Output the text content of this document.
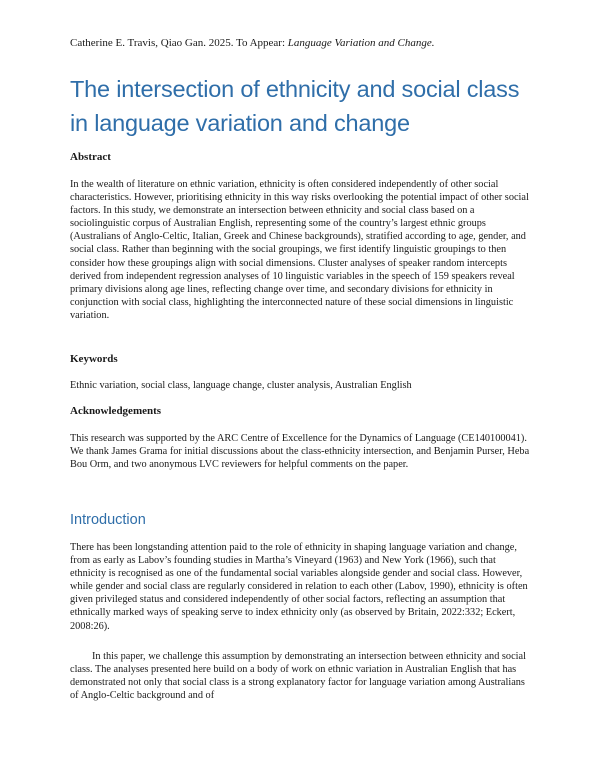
Catherine E. Travis, Qiao Gan. 2025. To Appear: Language Variation and Change.
The intersection of ethnicity and social class in language variation and change
Abstract

In the wealth of literature on ethnic variation, ethnicity is often considered independently of other social characteristics. However, prioritising ethnicity in this way risks overlooking the potential impact of other social factors. In this study, we demonstrate an intersection between ethnicity and social class based on a sociolinguistic corpus of Australian English, representing some of the country’s largest ethnic groups (Australians of Anglo-Celtic, Italian, Greek and Chinese backgrounds), stratified according to age, gender, and social class. Rather than beginning with the social groupings, we first identify linguistic groupings to then consider how these groupings align with social dimensions. Cluster analyses of speaker random intercepts derived from independent regression analyses of 10 linguistic variables in the speech of 159 speakers reveal primary divisions along age lines, reflecting change over time, and secondary divisions for ethnicity in conjunction with social class, highlighting the interconnected nature of these social dimensions in linguistic variation.

Keywords

Ethnic variation, social class, language change, cluster analysis, Australian English

Acknowledgements

This research was supported by the ARC Centre of Excellence for the Dynamics of Language (CE140100041). We thank James Grama for initial discussions about the class-ethnicity intersection, and Benjamin Purser, Heba Bou Orm, and two anonymous LVC reviewers for helpful comments on the paper.

Introduction

There has been longstanding attention paid to the role of ethnicity in shaping language variation and change, from as early as Labov’s founding studies in Martha’s Vineyard (1963) and New York (1966), such that ethnicity is recognised as one of the fundamental social variables alongside gender and social class. However, while gender and social class are regularly considered in relation to each other (Labov, 1990), ethnicity is often given privileged status and considered independently of other social factors, reflecting an assumption that ethnically marked ways of speaking serve to index ethnicity only (as observed by Britain, 2022:332; Eckert, 2008:26).

In this paper, we challenge this assumption by demonstrating an intersection between ethnicity and social class. The analyses presented here build on a body of work on ethnic variation in Australian English that has demonstrated not only that social class is a strong explanatory factor for language variation among Australians of Anglo-Celtic background and of
